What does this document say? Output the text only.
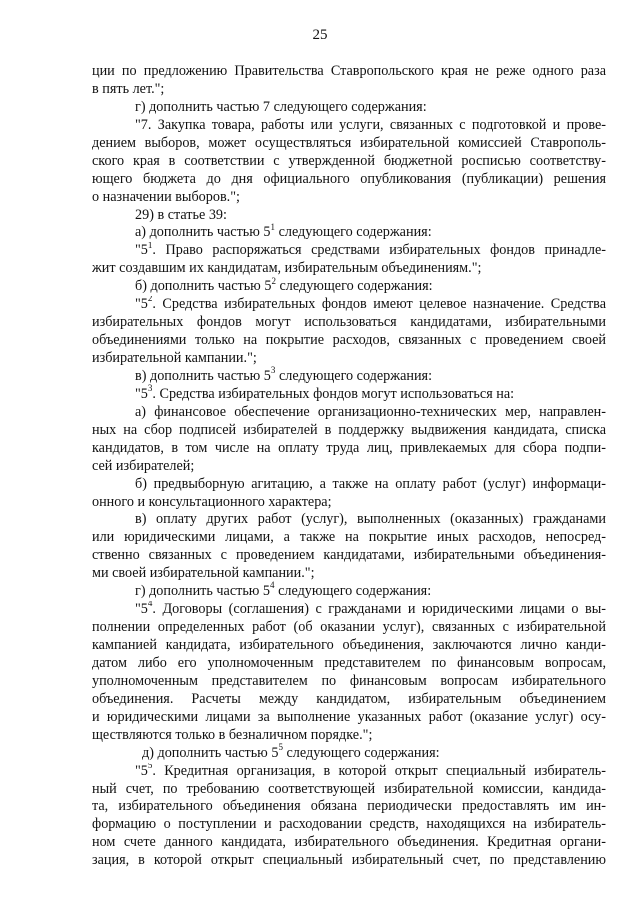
25
ции по предложению Правительства Ставропольского края не реже одного раза
в пять лет.";
г) дополнить частью 7 следующего содержания:
"7. Закупка товара, работы или услуги, связанных с подготовкой и прове-
дением выборов, может осуществляться избирательной комиссией Ставрополь-
ского края в соответствии с утвержденной бюджетной росписью соответству-
ющего бюджета до дня официального опубликования (публикации) решения
о назначении выборов.";
29) в статье 39:
а) дополнить частью $5^1$ следующего содержания:
"$5^1$. Право распоряжаться средствами избирательных фондов принадле-
жит создавшим их кандидатам, избирательным объединениям.";
б) дополнить частью $5^2$ следующего содержания:
"$5^2$. Средства избирательных фондов имеют целевое назначение. Средства
избирательных фондов могут использоваться кандидатами, избирательными
объединениями только на покрытие расходов, связанных с проведением своей
избирательной кампании.";
в) дополнить частью $5^3$ следующего содержания:
"$5^3$. Средства избирательных фондов могут использоваться на:
а) финансовое обеспечение организационно-технических мер, направлен-
ных на сбор подписей избирателей в поддержку выдвижения кандидата, списка
кандидатов, в том числе на оплату труда лиц, привлекаемых для сбора подпи-
сей избирателей;
б) предвыборную агитацию, а также на оплату работ (услуг) информаци-
онного и консультационного характера;
в) оплату других работ (услуг), выполненных (оказанных) гражданами
или юридическими лицами, а также на покрытие иных расходов, непосред-
ственно связанных с проведением кандидатами, избирательными объединения-
ми своей избирательной кампании.";
г) дополнить частью $5^4$ следующего содержания:
"$5^4$. Договоры (соглашения) с гражданами и юридическими лицами о вы-
полнении определенных работ (об оказании услуг), связанных с избирательной
кампанией кандидата, избирательного объединения, заключаются лично канди-
датом либо его уполномоченным представителем по финансовым вопросам,
уполномоченным представителем по финансовым вопросам избирательного
объединения. Расчеты между кандидатом, избирательным объединением
и юридическими лицами за выполнение указанных работ (оказание услуг) осу-
ществляются только в безналичном порядке.";
д) дополнить частью $5^5$ следующего содержания:
"$5^5$. Кредитная организация, в которой открыт специальный избиратель-
ный счет, по требованию соответствующей избирательной комиссии, кандида-
та, избирательного объединения обязана периодически предоставлять им ин-
формацию о поступлении и расходовании средств, находящихся на избиратель-
ном счете данного кандидата, избирательного объединения. Кредитная органи-
зация, в которой открыт специальный избирательный счет, по представлению
